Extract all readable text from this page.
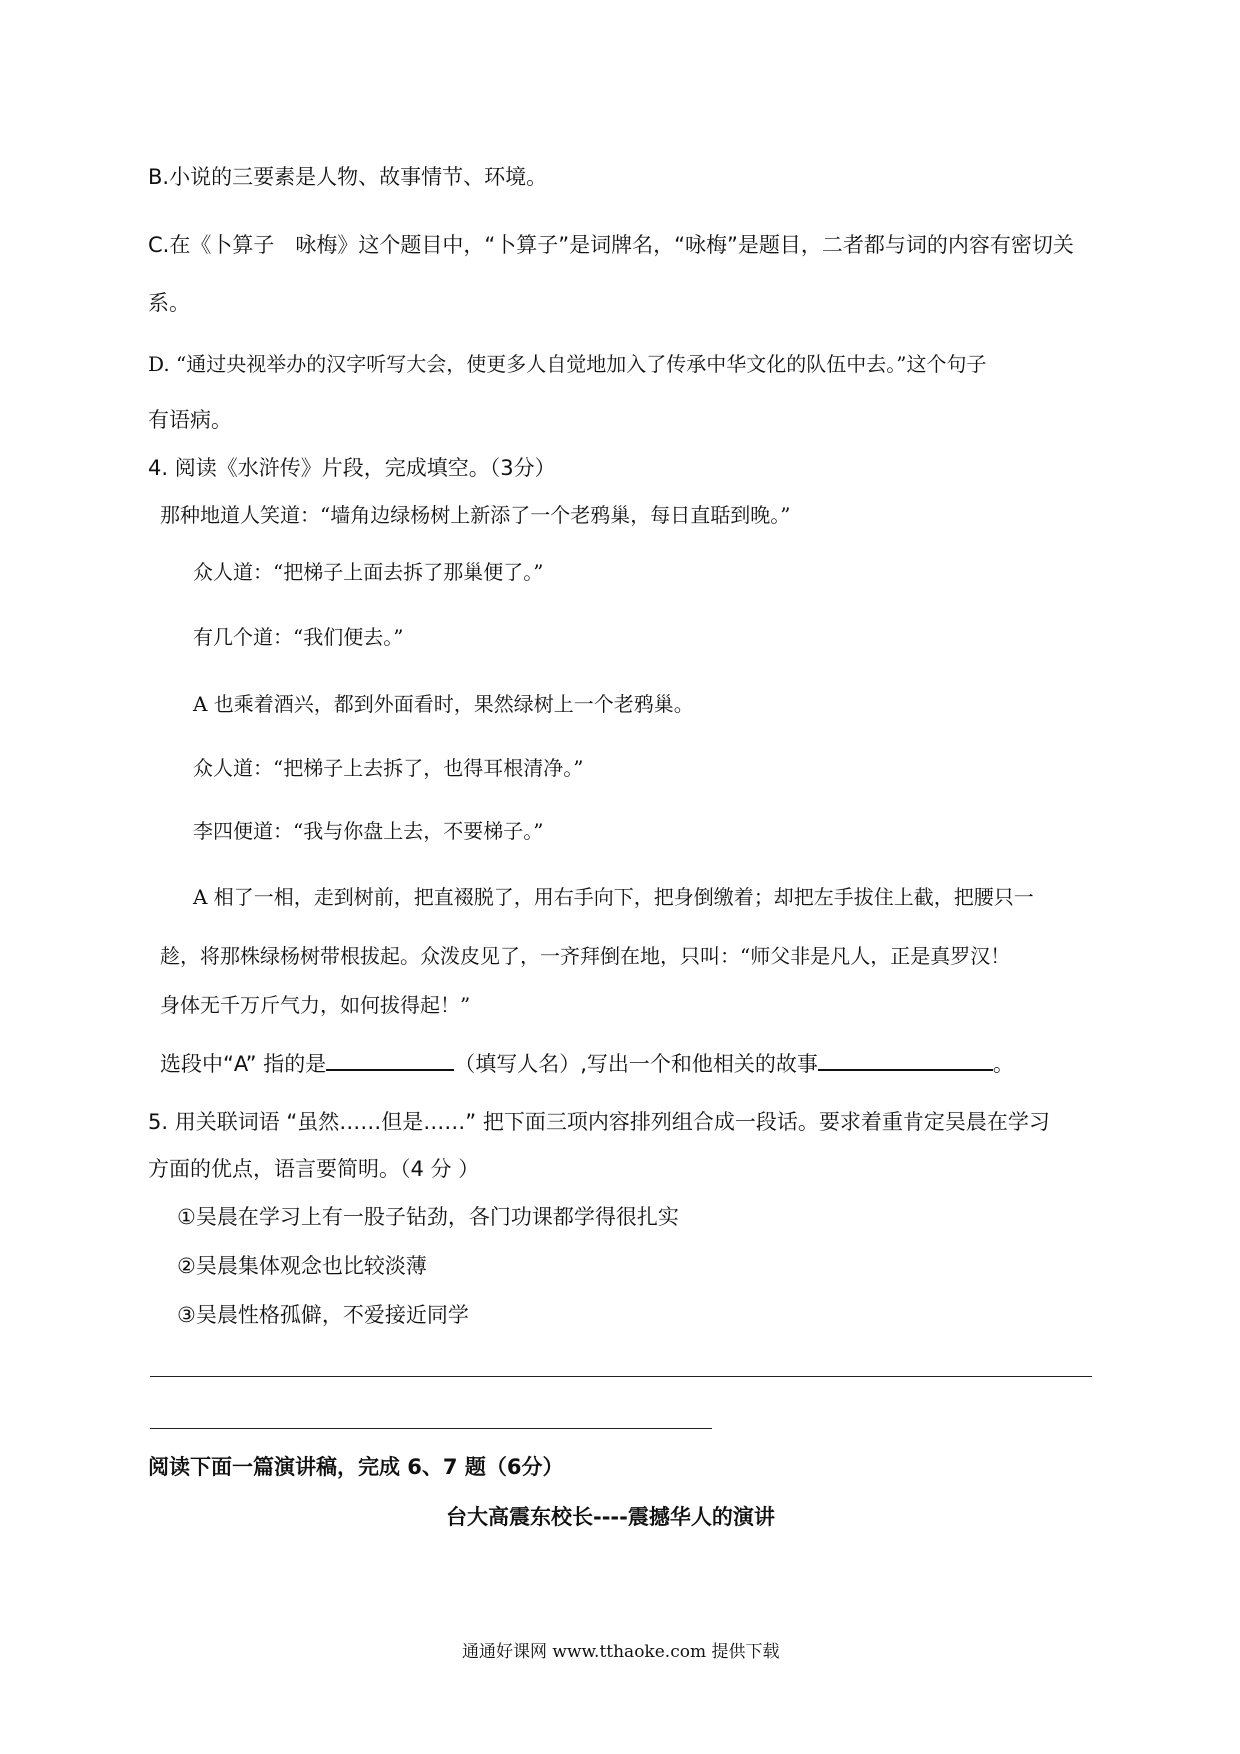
B.小说的三要素是人物、故事情节、环境。
C.在《卜算子　咏梅》这个题目中，“卜算子”是词牌名，“咏梅”是题目，二者都与词的内容有密切关
系。
D. “通过央视举办的汉字听写大会，使更多人自觉地加入了传承中华文化的队伍中去。”这个句子
有语病。
4. 阅读《水浒传》片段，完成填空。（3分）
那种地道人笑道：“墙角边绿杨树上新添了一个老鸦巢，每日直聒到晚。”
众人道：“把梯子上面去拆了那巢便了。”
有几个道：“我们便去。”
A 也乘着酒兴，都到外面看时，果然绿树上一个老鸦巢。
众人道：“把梯子上去拆了，也得耳根清净。”
李四便道：“我与你盘上去，不要梯子。”
A 相了一相，走到树前，把直裰脱了，用右手向下，把身倒缴着；却把左手拔住上截，把腰只一
趁，将那株绿杨树带根拔起。众泼皮见了，一齐拜倒在地，只叫：“师父非是凡人，正是真罗汉！
身体无千万斤气力，如何拔得起！”
选段中“A” 指的是	（填写人名）,写出一个和他相关的故事	。
5. 用关联词语 “虽然……但是……” 把下面三项内容排列组合成一段话。要求着重肯定吴晨在学习
方面的优点，语言要简明。（4 分 ）
①吴晨在学习上有一股子钻劲，各门功课都学得很扎实
②吴晨集体观念也比较淡薄
③吴晨性格孤僻，不爱接近同学
阅读下面一篇演讲稿，完成 6、7 题（6分）
台大高震东校长----震撼华人的演讲
通通好课网 www.tthaoke.com 提供下载
